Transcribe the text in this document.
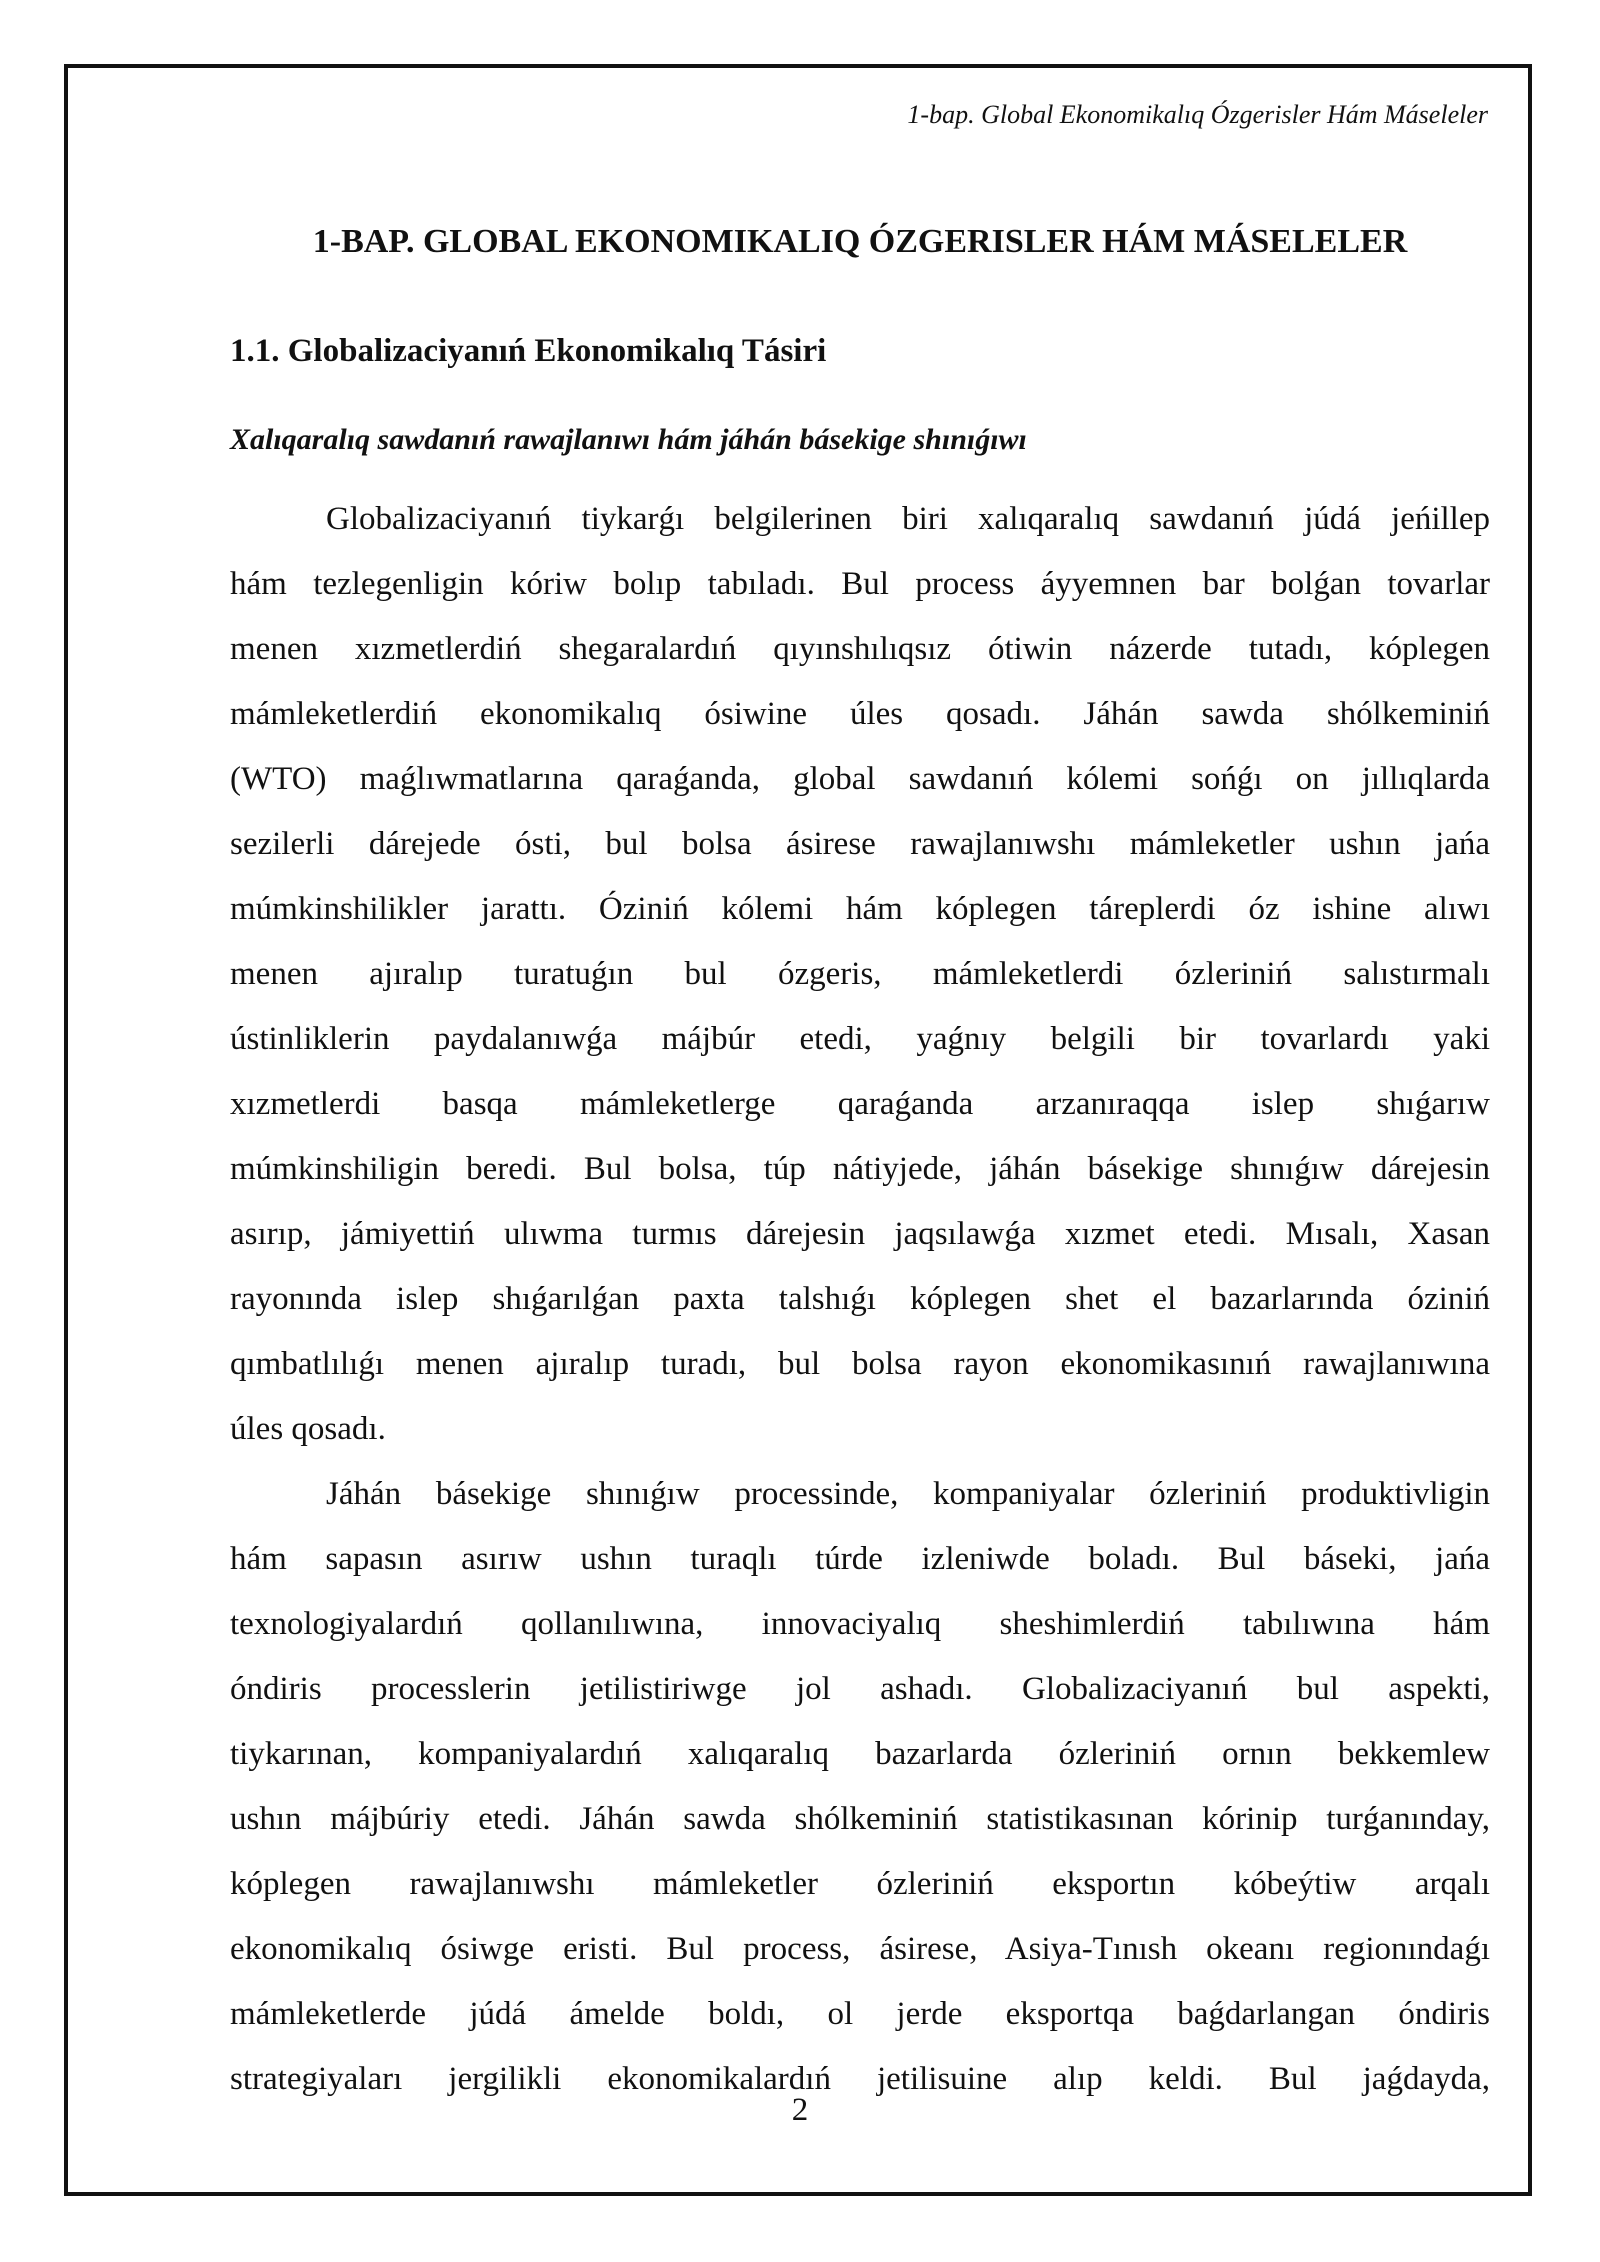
1-bap. Global Ekonomikalıq Ózgerisler Hám Máseleler
1-BAP. GLOBAL EKONOMIKALIQ ÓZGERISLER HÁM MÁSELELER
1.1. Globalizaciyanıń Ekonomikalıq Tásiri
Xalıqaralıq sawdanıń rawajlanıwı hám jáhán básekige shınıǵıwı

Globalizaciyanıń tiykarǵı belgilerinen biri xalıqaralıq sawdanıń júdá jeńillep
hám tezlegenligin kóriw bolıp tabıladı. Bul process áyyemnen bar bolǵan tovarlar
menen xızmetlerdiń shegaralardıń qıyınshılıqsız ótiwin názerde tutadı, kóplegen
mámleketlerdiń ekonomikalıq ósiwine úles qosadı. Jáhán sawda shólkeminiń
(WTO) maǵlıwmatlarına qaraǵanda, global sawdanıń kólemi sońǵı on jıllıqlarda
sezilerli dárejede ósti, bul bolsa ásirese rawajlanıwshı mámleketler ushın jańa
múmkinshilikler jarattı. Óziniń kólemi hám kóplegen táreplerdi óz ishine alıwı
menen ajıralıp turatuǵın bul ózgeris, mámleketlerdi ózleriniń salıstırmalı
ústinliklerin paydalanıwǵa májbúr etedi, yaǵnıy belgili bir tovarlardı yaki
xızmetlerdi basqa mámleketlerge qaraǵanda arzanıraqqa islep shıǵarıw
múmkinshiligin beredi. Bul bolsa, túp nátiyjede, jáhán básekige shınıǵıw dárejesin
asırıp, jámiyettiń ulıwma turmıs dárejesin jaqsılawǵa xızmet etedi. Mısalı, Xasan
rayonında islep shıǵarılǵan paxta talshıǵı kóplegen shet el bazarlarında óziniń
qımbatlılıǵı menen ajıralıp turadı, bul bolsa rayon ekonomikasınıń rawajlanıwına
úles qosadı.

Jáhán básekige shınıǵıw processinde, kompaniyalar ózleriniń produktivligin
hám sapasın asırıw ushın turaqlı túrde izleniwde boladı. Bul báseki, jańa
texnologiyalardıń qollanılıwına, innovaciyalıq sheshimlerdiń tabılıwına hám
óndiris processlerin jetilistiriwge jol ashadı. Globalizaciyanıń bul aspekti,
tiykarınan, kompaniyalardıń xalıqaralıq bazarlarda ózleriniń ornın bekkemlew
ushın májbúriy etedi. Jáhán sawda shólkeminiń statistikasınan kórinip turǵanınday,
kóplegen rawajlanıwshı mámleketler ózleriniń eksportın kóbeýtiw arqalı
ekonomikalıq ósiwge eristi. Bul process, ásirese, Asiya-Tınısh okeanı regionındaǵı
mámleketlerde júdá ámelde boldı, ol jerde eksportqa baǵdarlangan óndiris
strategiyaları jergilikli ekonomikalardıń jetilisuine alıp keldi. Bul jaǵdayda,

2
